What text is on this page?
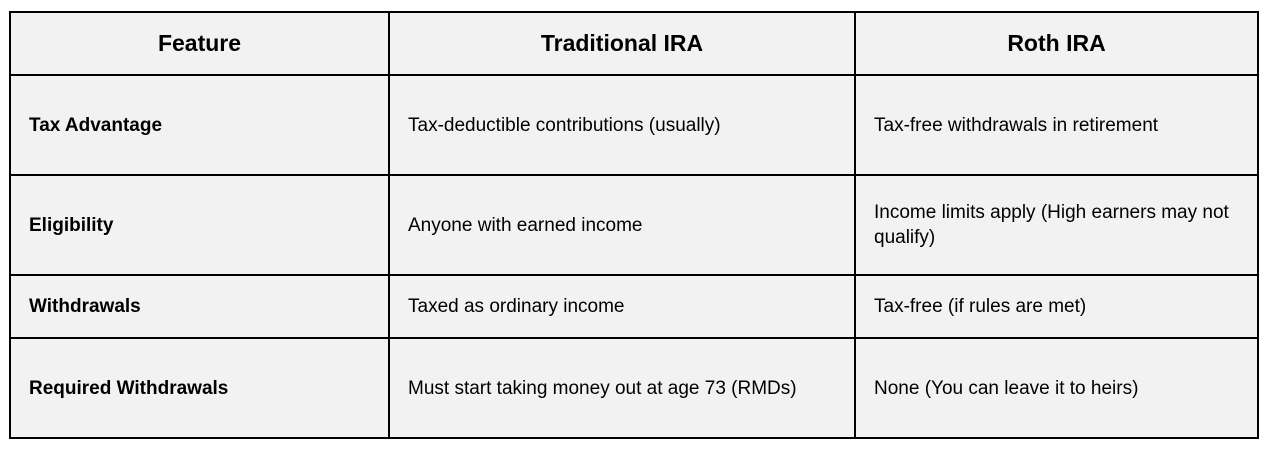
Feature	Traditional IRA	Roth IRA
Tax Advantage	Tax-deductible contributions (usually)	Tax-free withdrawals in retirement
Eligibility	Anyone with earned income	Income limits apply (High earners may not qualify)
Withdrawals	Taxed as ordinary income	Tax-free (if rules are met)
Required Withdrawals	Must start taking money out at age 73 (RMDs)	None (You can leave it to heirs)
